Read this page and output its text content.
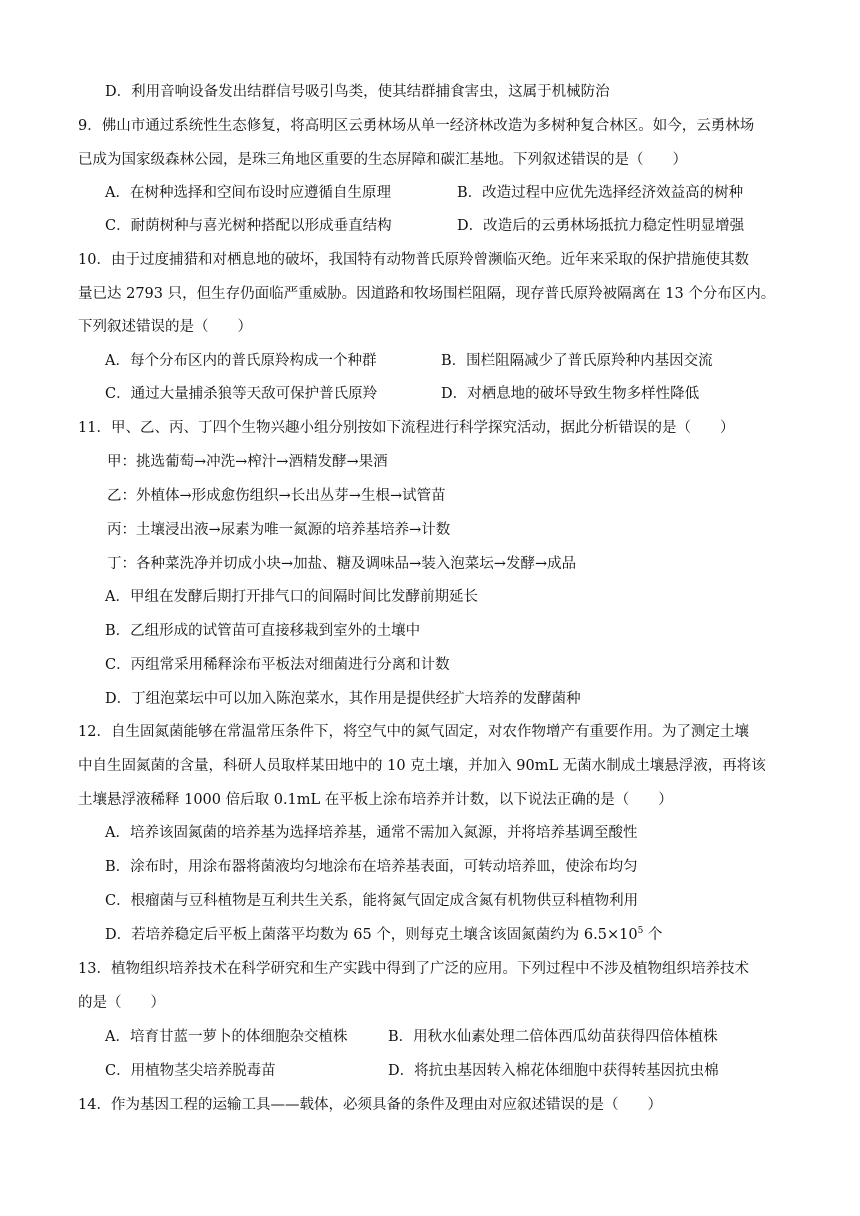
D．利用音响设备发出结群信号吸引鸟类，使其结群捕食害虫，这属于机械防治
9．佛山市通过系统性生态修复，将高明区云勇林场从单一经济林改造为多树种复合林区。如今，云勇林场
已成为国家级森林公园，是珠三角地区重要的生态屏障和碳汇基地。下列叙述错误的是（　　）
A．在树种选择和空间布设时应遵循自生原理	B．改造过程中应优先选择经济效益高的树种
C．耐荫树种与喜光树种搭配以形成垂直结构	D．改造后的云勇林场抵抗力稳定性明显增强
10．由于过度捕猎和对栖息地的破坏，我国特有动物普氏原羚曾濒临灭绝。近年来采取的保护措施使其数
量已达 2793 只，但生存仍面临严重威胁。因道路和牧场围栏阻隔，现存普氏原羚被隔离在 13 个分布区内。
下列叙述错误的是（　　）
A．每个分布区内的普氏原羚构成一个种群	B．围栏阻隔减少了普氏原羚种内基因交流
C．通过大量捕杀狼等天敌可保护普氏原羚	D．对栖息地的破坏导致生物多样性降低
11．甲、乙、丙、丁四个生物兴趣小组分别按如下流程进行科学探究活动，据此分析错误的是（　　）
甲：挑选葡萄→冲洗→榨汁→酒精发酵→果酒
乙：外植体→形成愈伤组织→长出丛芽→生根→试管苗
丙：土壤浸出液→尿素为唯一氮源的培养基培养→计数
丁：各种菜洗净并切成小块→加盐、糖及调味品→装入泡菜坛→发酵→成品
A．甲组在发酵后期打开排气口的间隔时间比发酵前期延长
B．乙组形成的试管苗可直接移栽到室外的土壤中
C．丙组常采用稀释涂布平板法对细菌进行分离和计数
D．丁组泡菜坛中可以加入陈泡菜水，其作用是提供经扩大培养的发酵菌种
12．自生固氮菌能够在常温常压条件下，将空气中的氮气固定，对农作物增产有重要作用。为了测定土壤
中自生固氮菌的含量，科研人员取样某田地中的 10 克土壤，并加入 90mL 无菌水制成土壤悬浮液，再将该
土壤悬浮液稀释 1000 倍后取 0.1mL 在平板上涂布培养并计数，以下说法正确的是（　　）
A．培养该固氮菌的培养基为选择培养基，通常不需加入氮源，并将培养基调至酸性
B．涂布时，用涂布器将菌液均匀地涂布在培养基表面，可转动培养皿，使涂布均匀
C．根瘤菌与豆科植物是互利共生关系，能将氮气固定成含氮有机物供豆科植物利用
D．若培养稳定后平板上菌落平均数为 65 个，则每克土壤含该固氮菌约为 $6.5\times 10^5$ 个
13．植物组织培养技术在科学研究和生产实践中得到了广泛的应用。下列过程中不涉及植物组织培养技术
的是（　　）
A．培育甘蓝一萝卜的体细胞杂交植株	B．用秋水仙素处理二倍体西瓜幼苗获得四倍体植株
C．用植物茎尖培养脱毒苗	D．将抗虫基因转入棉花体细胞中获得转基因抗虫棉
14．作为基因工程的运输工具——载体，必须具备的条件及理由对应叙述错误的是（　　）
